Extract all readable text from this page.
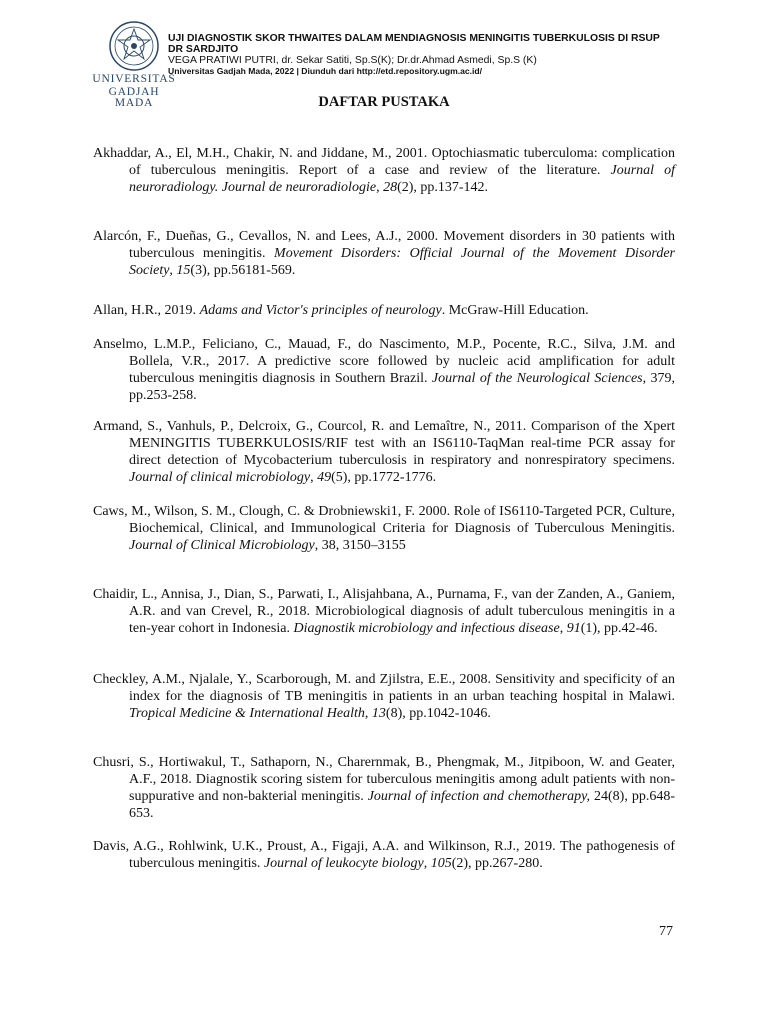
UNIVERSITAS
GADJAH MADA

UJI DIAGNOSTIK SKOR THWAITES DALAM MENDIAGNOSIS MENINGITIS TUBERKULOSIS DI RSUP

DR SARDJITO

VEGA PRATIWI PUTRI, dr. Sekar Satiti, Sp.S(K); Dr.dr.Ahmad Asmedi, Sp.S (K)

Universitas Gadjah Mada, 2022 | Diunduh dari http://etd.repository.ugm.ac.id/

DAFTAR PUSTAKA

Akhaddar, A., El, M.H., Chakir, N. and Jiddane, M., 2001. Optochiasmatic tuberculoma: complication of tuberculous meningitis. Report of a case and review of the literature. Journal of neuroradiology. Journal de neuroradiologie, 28(2), pp.137-142.

Alarcón, F., Dueñas, G., Cevallos, N. and Lees, A.J., 2000. Movement disorders in 30 patients with tuberculous meningitis. Movement Disorders: Official Journal of the Movement Disorder Society, 15(3), pp.56181-569.

Allan, H.R., 2019. Adams and Victor's principles of neurology. McGraw-Hill Education.

Anselmo, L.M.P., Feliciano, C., Mauad, F., do Nascimento, M.P., Pocente, R.C., Silva, J.M. and Bollela, V.R., 2017. A predictive score followed by nucleic acid amplification for adult tuberculous meningitis diagnosis in Southern Brazil. Journal of the Neurological Sciences, 379, pp.253-258.

Armand, S., Vanhuls, P., Delcroix, G., Courcol, R. and Lemaître, N., 2011. Comparison of the Xpert MENINGITIS TUBERKULOSIS/RIF test with an IS6110-TaqMan real-time PCR assay for direct detection of Mycobacterium tuberculosis in respiratory and nonrespiratory specimens. Journal of clinical microbiology, 49(5), pp.1772-1776.

Caws, M., Wilson, S. M., Clough, C. & Drobniewski1, F. 2000. Role of IS6110-Targeted PCR, Culture, Biochemical, Clinical, and Immunological Criteria for Diagnosis of Tuberculous Meningitis. Journal of Clinical Microbiology, 38, 3150–3155

Chaidir, L., Annisa, J., Dian, S., Parwati, I., Alisjahbana, A., Purnama, F., van der Zanden, A., Ganiem, A.R. and van Crevel, R., 2018. Microbiological diagnosis of adult tuberculous meningitis in a ten-year cohort in Indonesia. Diagnostik microbiology and infectious disease, 91(1), pp.42-46.

Checkley, A.M., Njalale, Y., Scarborough, M. and Zjilstra, E.E., 2008. Sensitivity and specificity of an index for the diagnosis of TB meningitis in patients in an urban teaching hospital in Malawi. Tropical Medicine & International Health, 13(8), pp.1042-1046.

Chusri, S., Hortiwakul, T., Sathaporn, N., Charernmak, B., Phengmak, M., Jitpiboon, W. and Geater, A.F., 2018. Diagnostik scoring sistem for tuberculous meningitis among adult patients with non-suppurative and non-bakterial meningitis. Journal of infection and chemotherapy, 24(8), pp.648-653.

Davis, A.G., Rohlwink, U.K., Proust, A., Figaji, A.A. and Wilkinson, R.J., 2019. The pathogenesis of tuberculous meningitis. Journal of leukocyte biology, 105(2), pp.267-280.

77
